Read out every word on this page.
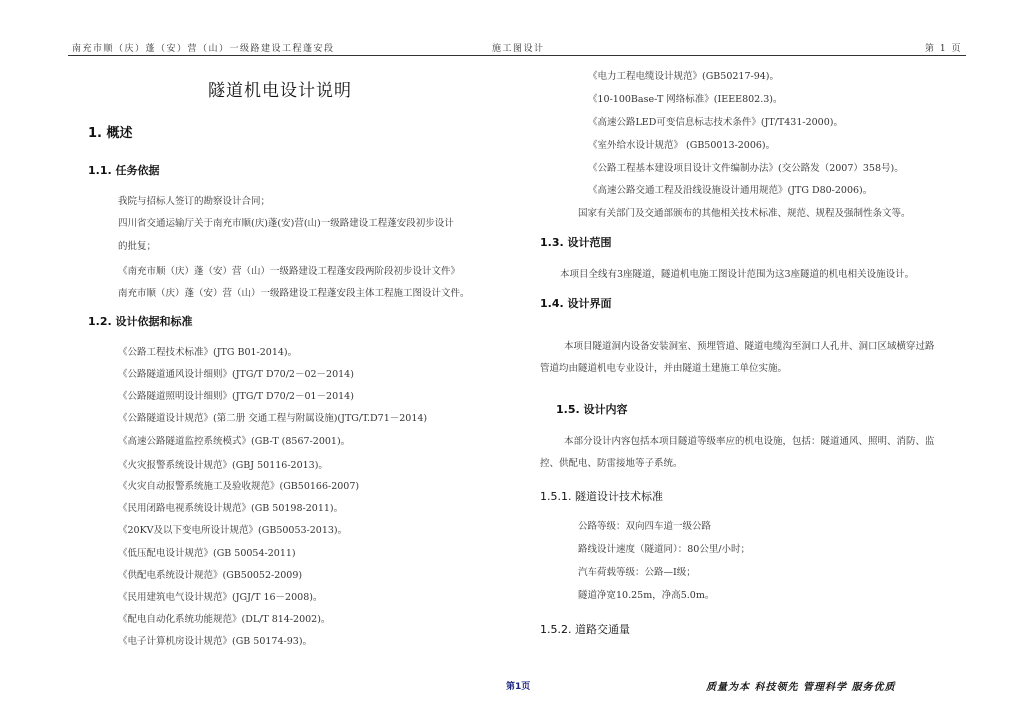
南充市顺（庆）蓬（安）营（山）一级路建设工程蓬安段	施工图设计	第 1 页
隧道机电设计说明
1. 概述
1.1. 任务依据
我院与招标人签订的勘察设计合同；
四川省交通运输厅关于南充市顺(庆)蓬(安)营(山)一级路建设工程蓬安段初步设计
的批复；
《南充市顺（庆）蓬（安）营（山）一级路建设工程蓬安段两阶段初步设计文件》
南充市顺（庆）蓬（安）营（山）一级路建设工程蓬安段主体工程施工图设计文件。
1.2. 设计依据和标准
《公路工程技术标准》(JTG B01-2014)。
《公路隧道通风设计细则》(JTG/T D70/2－02－2014)
《公路隧道照明设计细则》(JTG/T D70/2－01－2014)
《公路隧道设计规范》(第二册 交通工程与附属设施)(JTG/T.D71－2014)
《高速公路隧道监控系统模式》(GB-T (8567-2001)。
《火灾报警系统设计规范》(GBJ 50116-2013)。
《火灾自动报警系统施工及验收规范》(GB50166-2007)
《民用闭路电视系统设计规范》(GB 50198-2011)。
《20KV及以下变电所设计规范》(GB50053-2013)。
《低压配电设计规范》(GB 50054-2011)
《供配电系统设计规范》(GB50052-2009)
《民用建筑电气设计规范》(JGJ/T 16－2008)。
《配电自动化系统功能规范》(DL/T 814-2002)。
《电子计算机房设计规范》(GB 50174-93)。
《电力工程电缆设计规范》(GB50217-94)。
《10-100Base-T 网络标准》(IEEE802.3)。
《高速公路LED可变信息标志技术条件》(JT/T431-2000)。
《室外给水设计规范》 (GB50013-2006)。
《公路工程基本建设项目设计文件编制办法》(交公路发（2007）358号)。
《高速公路交通工程及沿线设施设计通用规范》(JTG D80-2006)。
国家有关部门及交通部颁布的其他相关技术标准、规范、规程及强制性条文等。
1.3. 设计范围
本项目全线有3座隧道，隧道机电施工图设计范围为这3座隧道的机电相关设施设计。
1.4. 设计界面
本项目隧道洞内设备安装洞室、预埋管道、隧道电缆沟至洞口人孔井、洞口区域横穿过路
管道均由隧道机电专业设计，并由隧道土建施工单位实施。
1.5. 设计内容
本部分设计内容包括本项目隧道等级率应的机电设施，包括：隧道通风、照明、消防、监
控、供配电、防雷接地等子系统。
1.5.1. 隧道设计技术标准
公路等级：双向四车道一级公路
路线设计速度（隧道同）：80公里/小时；
汽车荷载等级：公路—Ⅰ级；
隧道净宽10.25m，净高5.0m。
1.5.2. 道路交通量
第1页	质量为本 科技领先 管理科学 服务优质
